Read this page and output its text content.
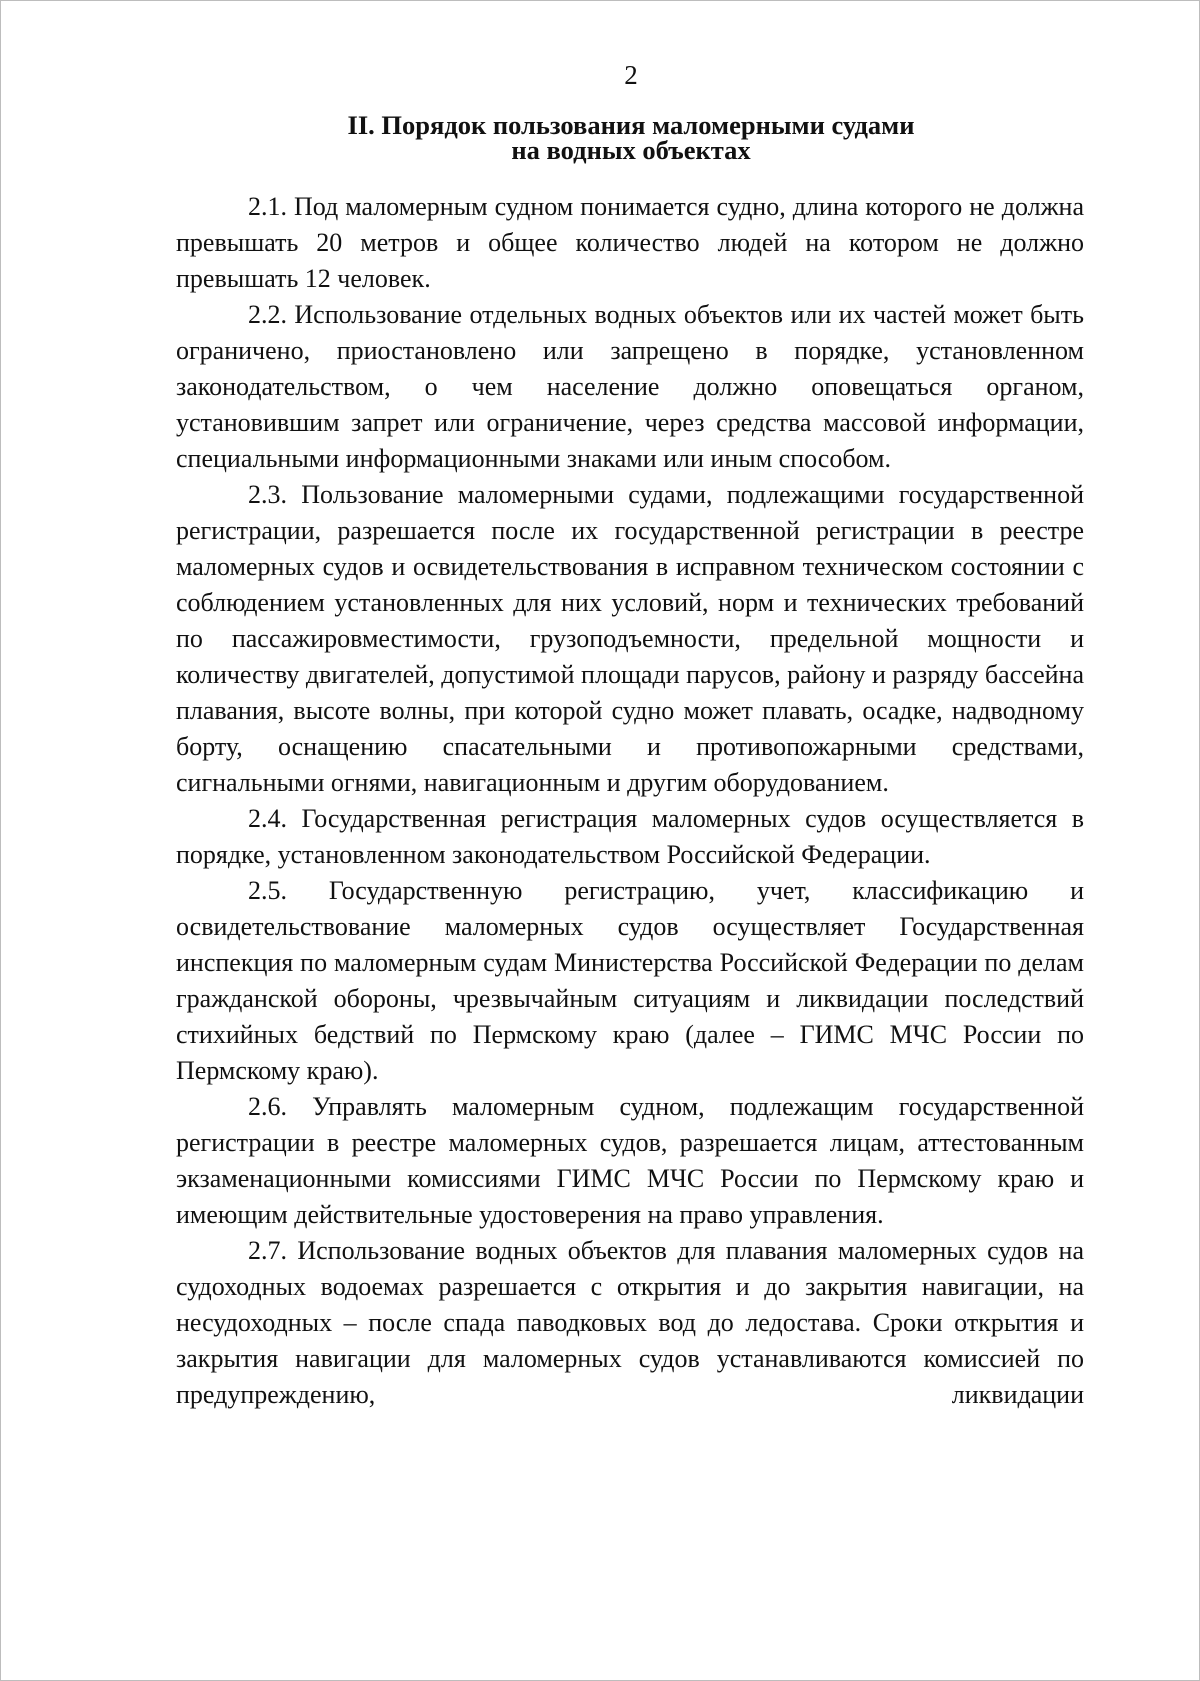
2
II. Порядок пользования маломерными судами
на водных объектах

2.1. Под маломерным судном понимается судно, длина которого не должна превышать 20 метров и общее количество людей на котором не должно превышать 12 человек.

2.2. Использование отдельных водных объектов или их частей может быть ограничено, приостановлено или запрещено в порядке, установленном законодательством, о чем население должно оповещаться органом, установившим запрет или ограничение, через средства массовой информации, специальными информационными знаками или иным способом.

2.3. Пользование маломерными судами, подлежащими государственной регистрации, разрешается после их государственной регистрации в реестре маломерных судов и освидетельствования в исправном техническом состоянии с соблюдением установленных для них условий, норм и технических требований по пассажировместимости, грузоподъемности, предельной мощности и количеству двигателей, допустимой площади парусов, району и разряду бассейна плавания, высоте волны, при которой судно может плавать, осадке, надводному борту, оснащению спасательными и противопожарными средствами, сигнальными огнями, навигационным и другим оборудованием.

2.4. Государственная регистрация маломерных судов осуществляется в порядке, установленном законодательством Российской Федерации.

2.5. Государственную регистрацию, учет, классификацию и освидетельствование маломерных судов осуществляет Государственная инспекция по маломерным судам Министерства Российской Федерации по делам гражданской обороны, чрезвычайным ситуациям и ликвидации последствий стихийных бедствий по Пермскому краю (далее – ГИМС МЧС России по Пермскому краю).

2.6. Управлять маломерным судном, подлежащим государственной регистрации в реестре маломерных судов, разрешается лицам, аттестованным экзаменационными комиссиями ГИМС МЧС России по Пермскому краю и имеющим действительные удостоверения на право управления.

2.7. Использование водных объектов для плавания маломерных судов на судоходных водоемах разрешается с открытия и до закрытия навигации, на несудоходных – после спада паводковых вод до ледостава. Сроки открытия и закрытия навигации для маломерных судов устанавливаются комиссией по предупреждению, ликвидации
